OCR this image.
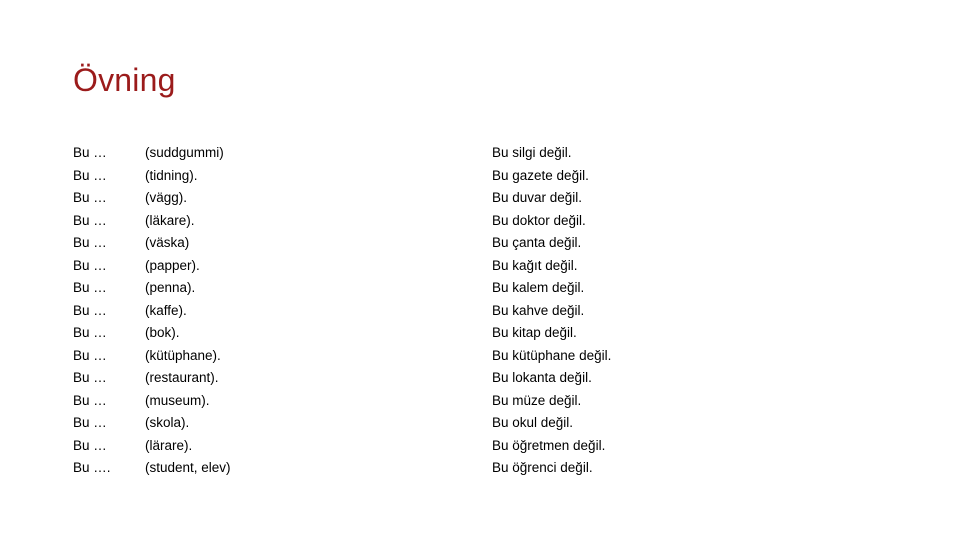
Övning
Bu …
Bu …
Bu …
Bu …
Bu …
Bu …
Bu …
Bu …
Bu …
Bu …
Bu …
Bu …
Bu …
Bu …
Bu ….
(suddgummi)
(tidning).
(vägg).
(läkare).
(väska)
(papper).
(penna).
(kaffe).
(bok).
(kütüphane).
(restaurant).
(museum).
(skola).
(lärare).
(student, elev)
Bu silgi değil.
Bu gazete değil.
Bu duvar değil.
Bu doktor değil.
Bu çanta değil.
Bu kağıt değil.
Bu kalem değil.
Bu kahve değil.
Bu kitap değil.
Bu kütüphane değil.
Bu lokanta değil.
Bu müze değil.
Bu okul değil.
Bu öğretmen değil.
Bu öğrenci değil.
